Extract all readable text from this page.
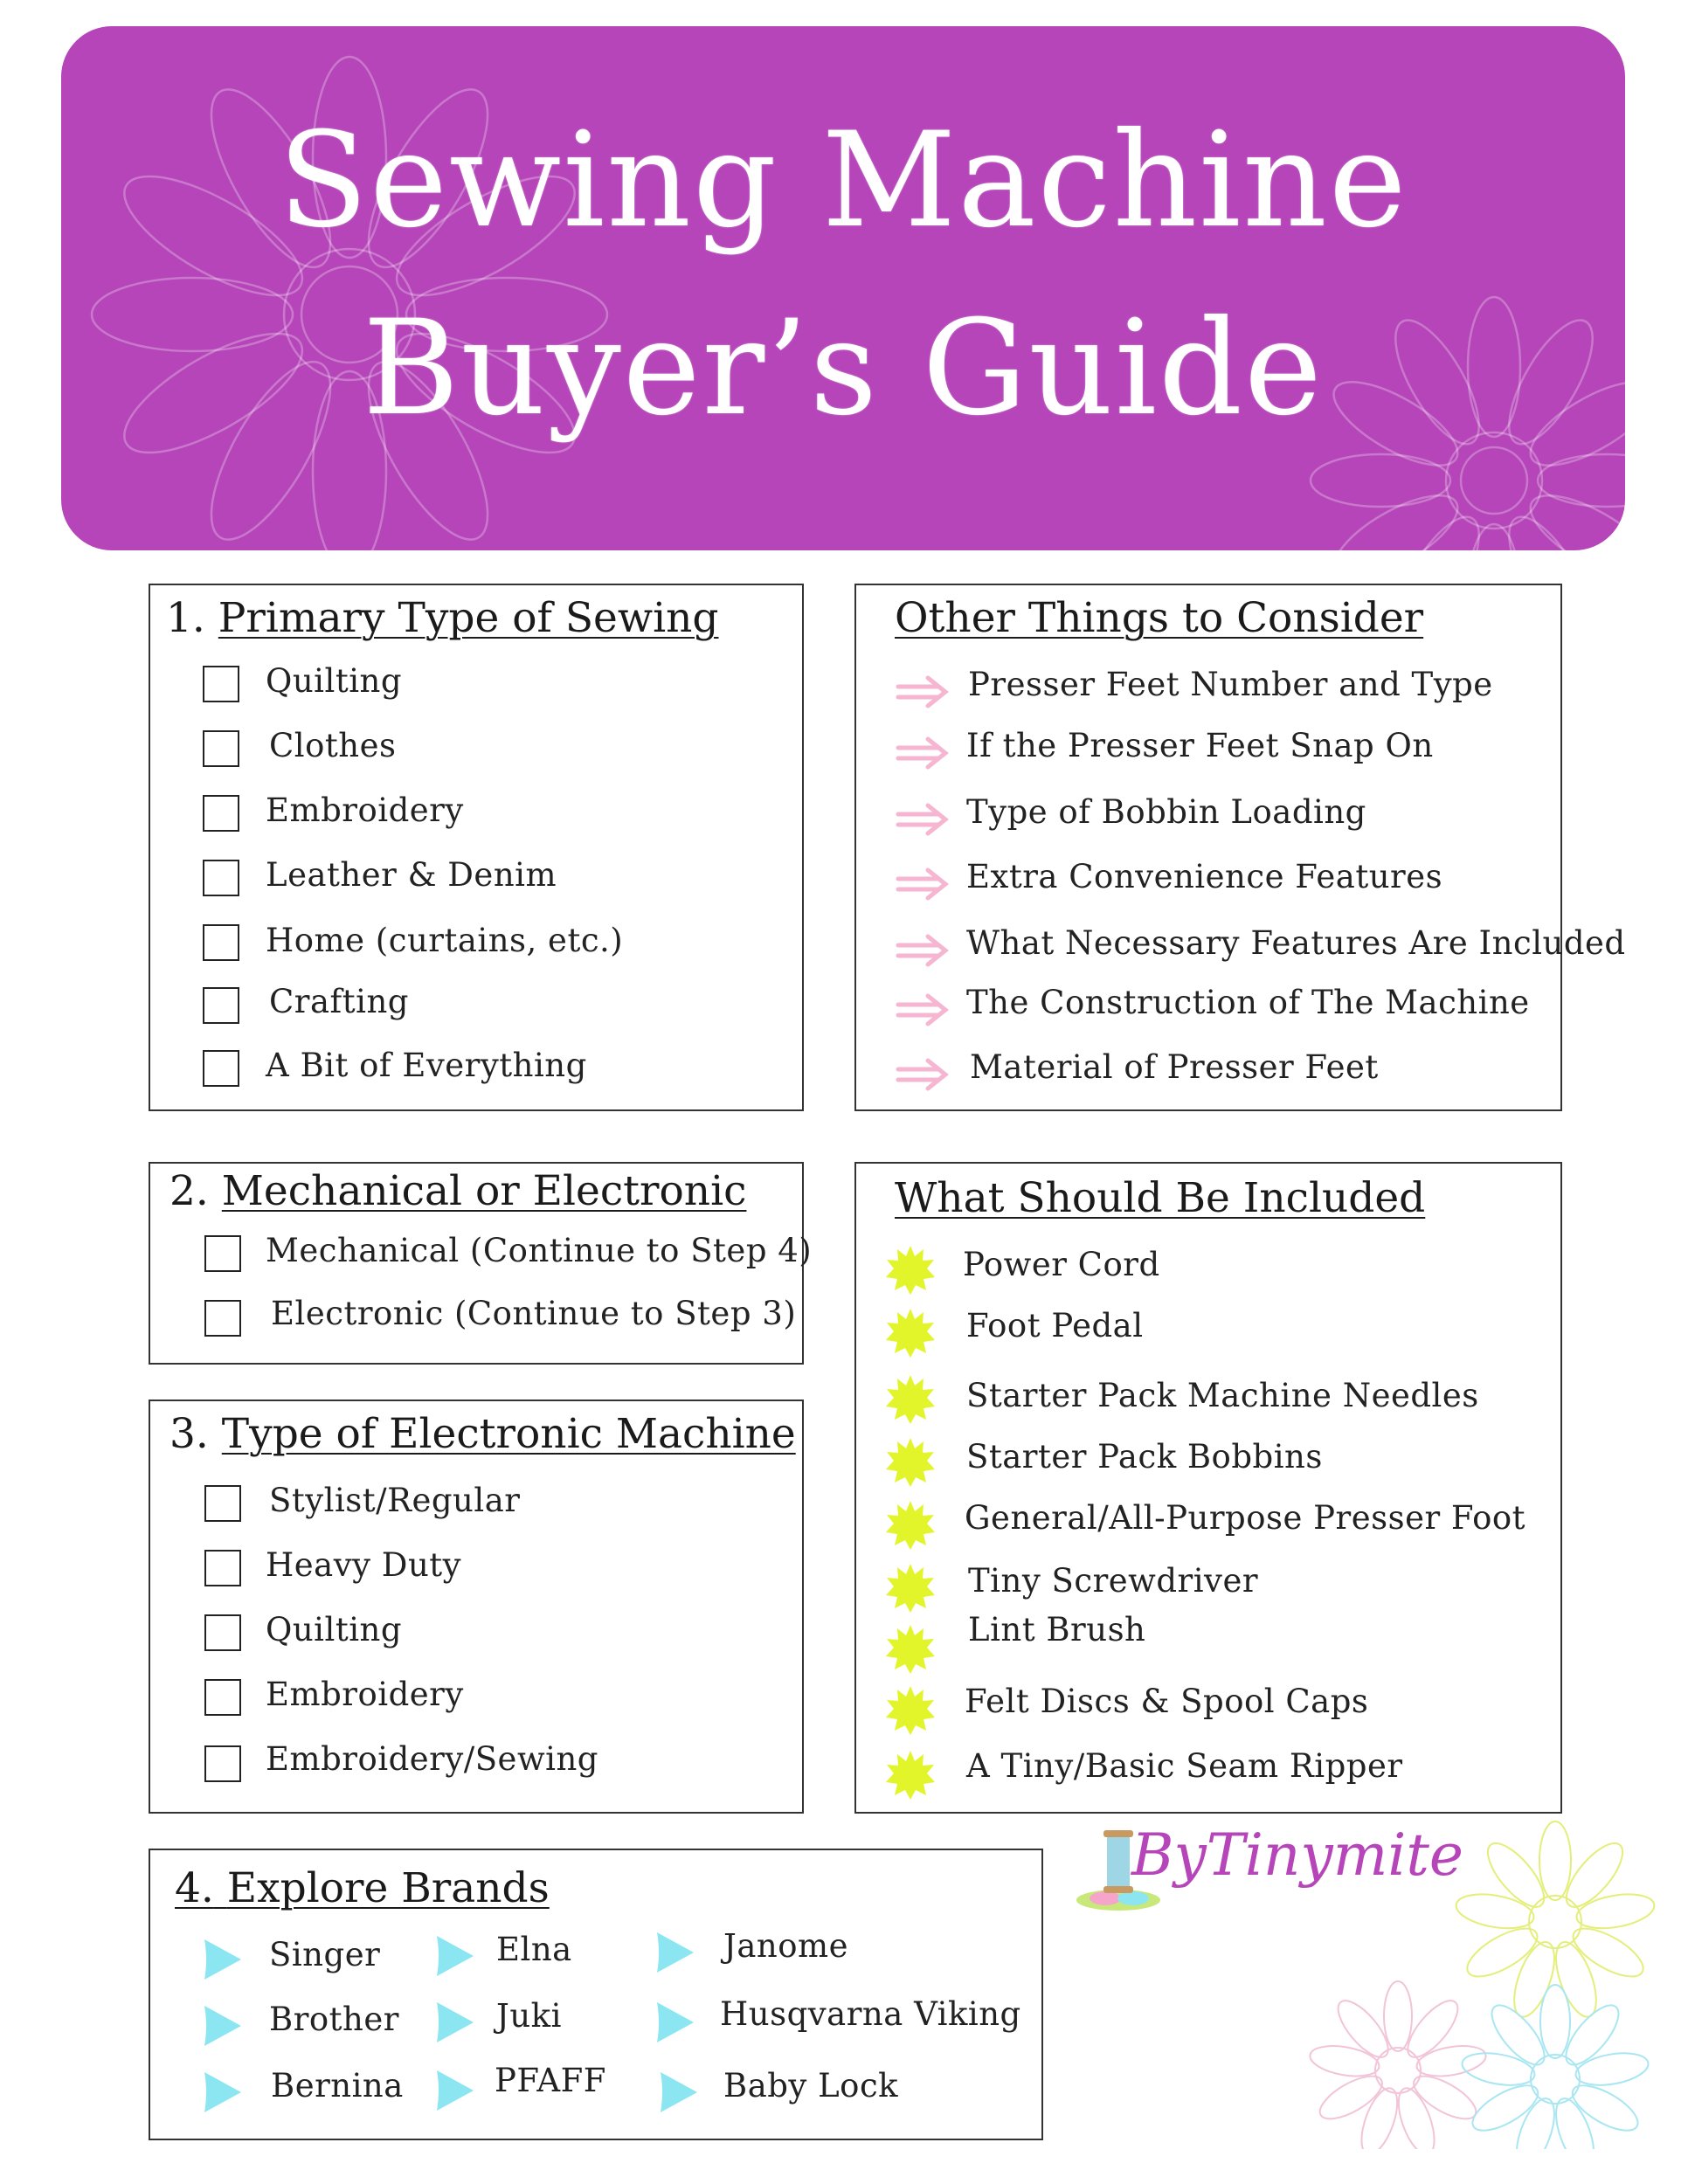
Sewing Machine
Buyer’s Guide
1. Primary Type of Sewing
Quilting
Clothes
Embroidery
Leather & Denim
Home (curtains, etc.)
Crafting
A Bit of Everything
2. Mechanical or Electronic
Mechanical (Continue to Step 4)
Electronic (Continue to Step 3)
3. Type of Electronic Machine
Stylist/Regular
Heavy Duty
Quilting
Embroidery
Embroidery/Sewing
4. Explore Brands
Singer
Brother
Bernina
Elna
Juki
PFAFF
Janome
Husqvarna Viking
Baby Lock
Other Things to Consider
Presser Feet Number and Type
If the Presser Feet Snap On
Type of Bobbin Loading
Extra Convenience Features
What Necessary Features Are Included
The Construction of The Machine
Material of Presser Feet
What Should Be Included
Power Cord
Foot Pedal
Starter Pack Machine Needles
Starter Pack Bobbins
General/All-Purpose Presser Foot
Tiny Screwdriver
Lint Brush
Felt Discs & Spool Caps
A Tiny/Basic Seam Ripper
ByTinymite
